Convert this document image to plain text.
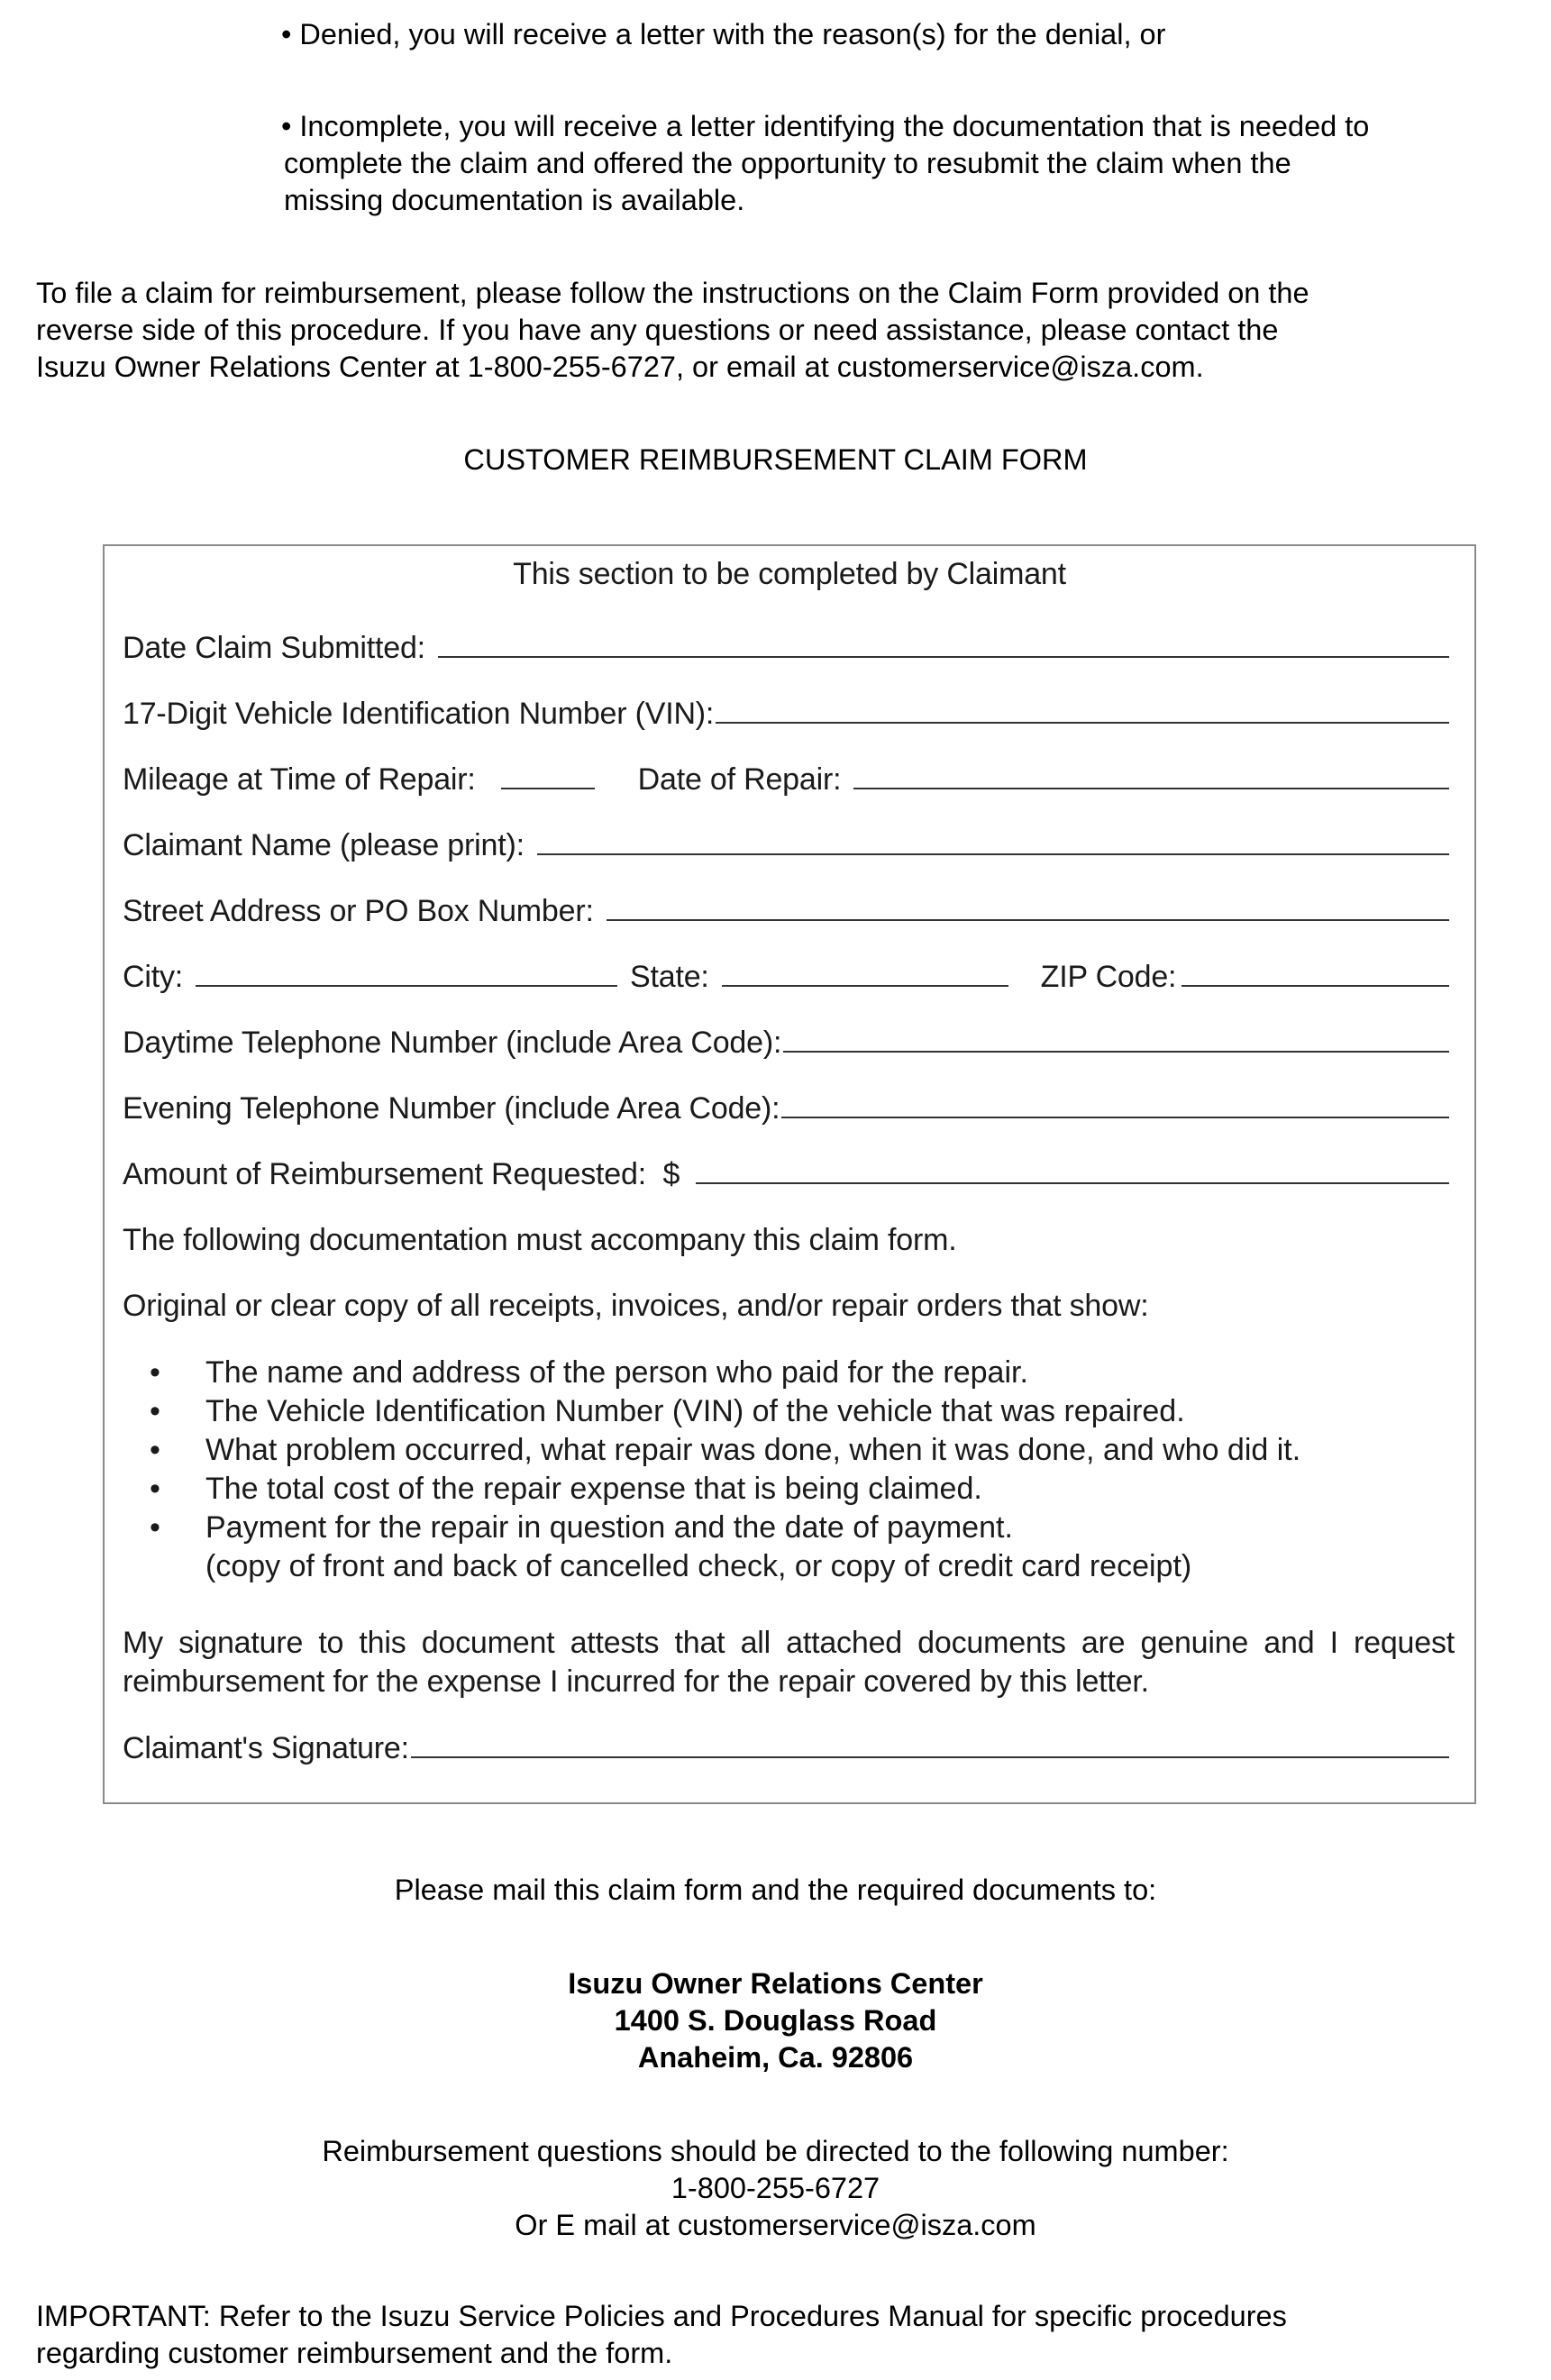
• Denied, you will receive a letter with the reason(s) for the denial, or
• Incomplete, you will receive a letter identifying the documentation that is needed to
complete the claim and offered the opportunity to resubmit the claim when the
missing documentation is available.
To file a claim for reimbursement, please follow the instructions on the Claim Form provided on the
reverse side of this procedure. If you have any questions or need assistance, please contact the
Isuzu Owner Relations Center at 1-800-255-6727, or email at customerservice@isza.com.
CUSTOMER REIMBURSEMENT CLAIM FORM
This section to be completed by Claimant
Date Claim Submitted:
17-Digit Vehicle Identification Number (VIN):
Mileage at Time of Repair:	Date of Repair:
Claimant Name (please print):
Street Address or PO Box Number:
City:	State:	ZIP Code:
Daytime Telephone Number (include Area Code):
Evening Telephone Number (include Area Code):
Amount of Reimbursement Requested:  $
The following documentation must accompany this claim form.
Original or clear copy of all receipts, invoices, and/or repair orders that show:
•	The name and address of the person who paid for the repair.
•	The Vehicle Identification Number (VIN) of the vehicle that was repaired.
•	What problem occurred, what repair was done, when it was done, and who did it.
•	The total cost of the repair expense that is being claimed.
•	Payment for the repair in question and the date of payment.
(copy of front and back of cancelled check, or copy of credit card receipt)
My signature to this document attests that all attached documents are genuine and I request reimbursement for the expense I incurred for the repair covered by this letter.
Claimant's Signature:
Please mail this claim form and the required documents to:
Isuzu Owner Relations Center
1400 S. Douglass Road
Anaheim, Ca. 92806
Reimbursement questions should be directed to the following number:
1-800-255-6727
Or E mail at customerservice@isza.com
IMPORTANT: Refer to the Isuzu Service Policies and Procedures Manual for specific procedures
regarding customer reimbursement and the form.
